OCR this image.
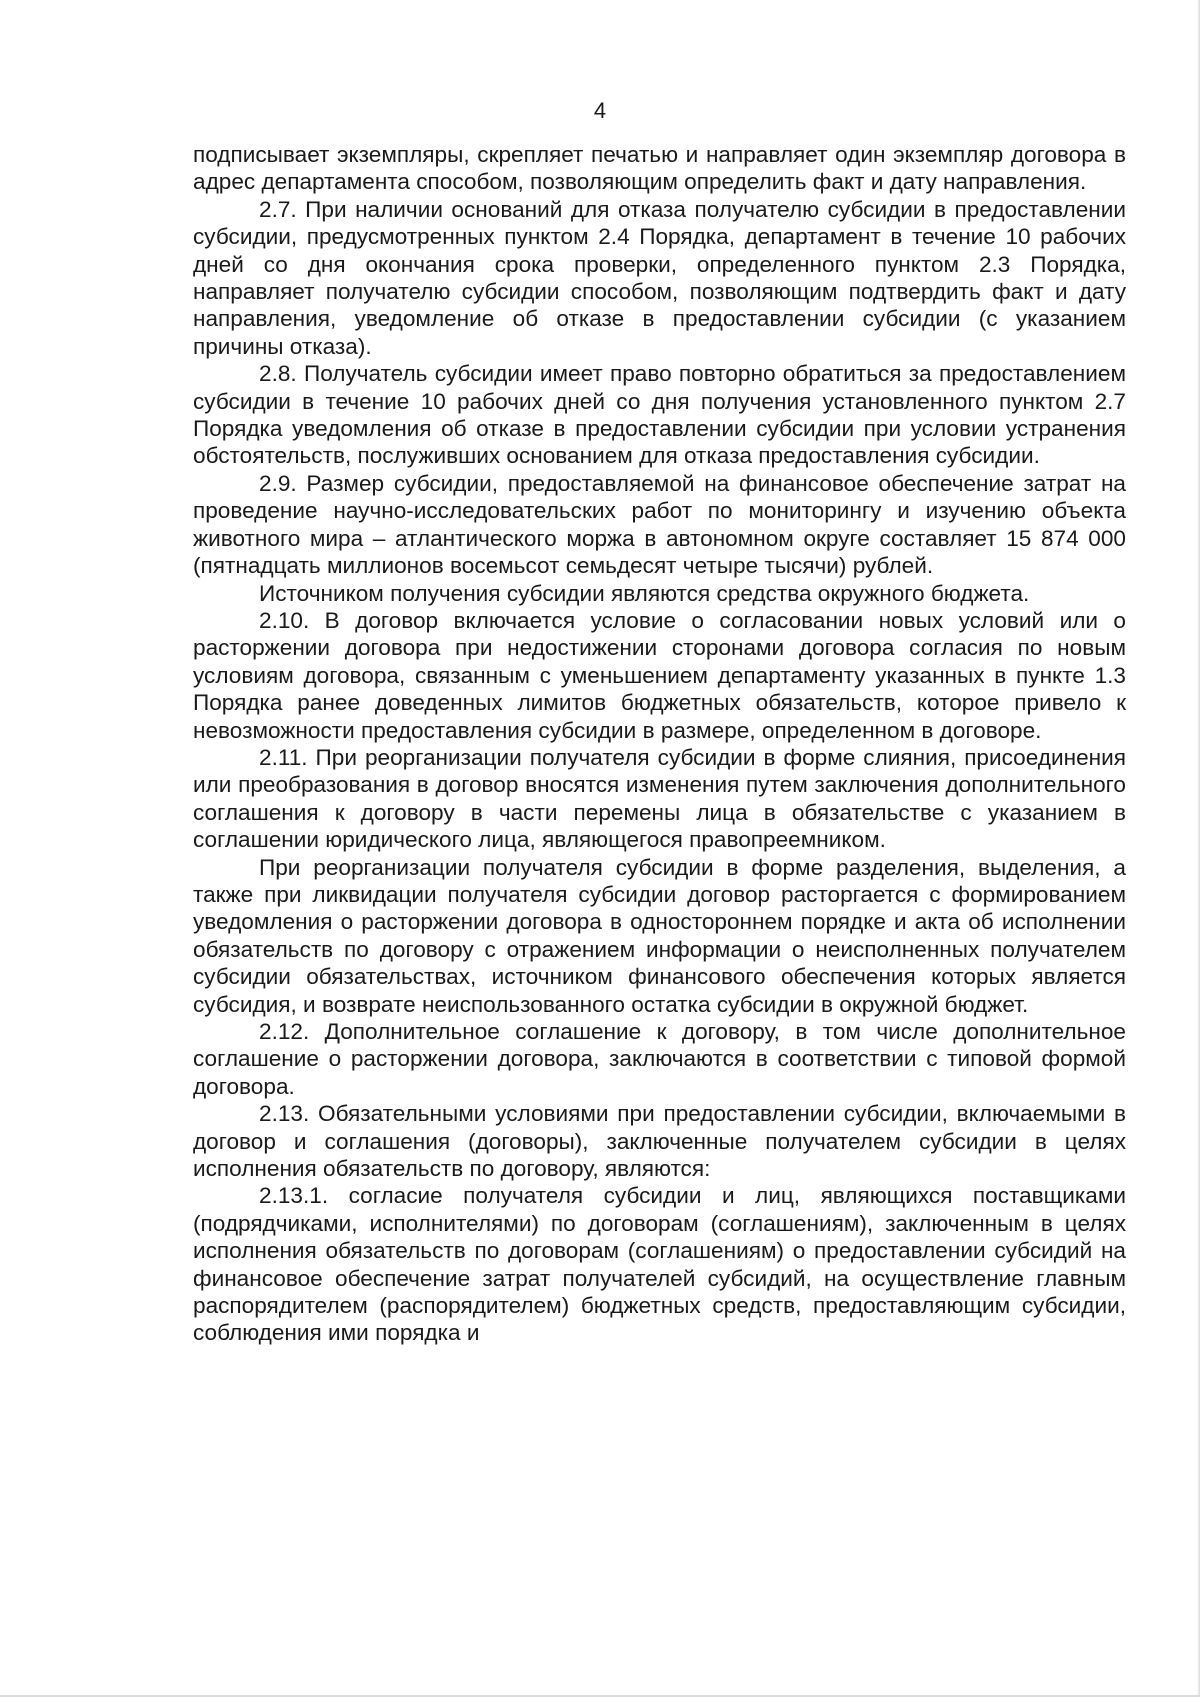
4

подписывает экземпляры, скрепляет печатью и направляет один экземпляр договора в адрес департамента способом, позволяющим определить факт и дату направления.

2.7. При наличии оснований для отказа получателю субсидии в предоставлении субсидии, предусмотренных пунктом 2.4 Порядка, департамент в течение 10 рабочих дней со дня окончания срока проверки, определенного пунктом 2.3 Порядка, направляет получателю субсидии способом, позволяющим подтвердить факт и дату направления, уведомление об отказе в предоставлении субсидии (с указанием причины отказа).

2.8. Получатель субсидии имеет право повторно обратиться за предоставлением субсидии в течение 10 рабочих дней со дня получения установленного пунктом 2.7 Порядка уведомления об отказе в предоставлении субсидии при условии устранения обстоятельств, послуживших основанием для отказа предоставления субсидии.

2.9. Размер субсидии, предоставляемой на финансовое обеспечение затрат на проведение научно-исследовательских работ по мониторингу и изучению объекта животного мира – атлантического моржа в автономном округе составляет 15 874 000 (пятнадцать миллионов восемьсот семьдесят четыре тысячи) рублей.

Источником получения субсидии являются средства окружного бюджета.

2.10. В договор включается условие о согласовании новых условий или о расторжении договора при недостижении сторонами договора согласия по новым условиям договора, связанным с уменьшением департаменту указанных в пункте 1.3 Порядка ранее доведенных лимитов бюджетных обязательств, которое привело к невозможности предоставления субсидии в размере, определенном в договоре.

2.11. При реорганизации получателя субсидии в форме слияния, присоединения или преобразования в договор вносятся изменения путем заключения дополнительного соглашения к договору в части перемены лица в обязательстве с указанием в соглашении юридического лица, являющегося правопреемником.

При реорганизации получателя субсидии в форме разделения, выделения, а также при ликвидации получателя субсидии договор расторгается с формированием уведомления о расторжении договора в одностороннем порядке и акта об исполнении обязательств по договору с отражением информации о неисполненных получателем субсидии обязательствах, источником финансового обеспечения которых является субсидия, и возврате неиспользованного остатка субсидии в окружной бюджет.

2.12. Дополнительное соглашение к договору, в том числе дополнительное соглашение о расторжении договора, заключаются в соответствии с типовой формой договора.

2.13. Обязательными условиями при предоставлении субсидии, включаемыми в договор и соглашения (договоры), заключенные получателем субсидии в целях исполнения обязательств по договору, являются:

2.13.1. согласие получателя субсидии и лиц, являющихся поставщиками (подрядчиками, исполнителями) по договорам (соглашениям), заключенным в целях исполнения обязательств по договорам (соглашениям) о предоставлении субсидий на финансовое обеспечение затрат получателей субсидий, на осуществление главным распорядителем (распорядителем) бюджетных средств, предоставляющим субсидии, соблюдения ими порядка и
